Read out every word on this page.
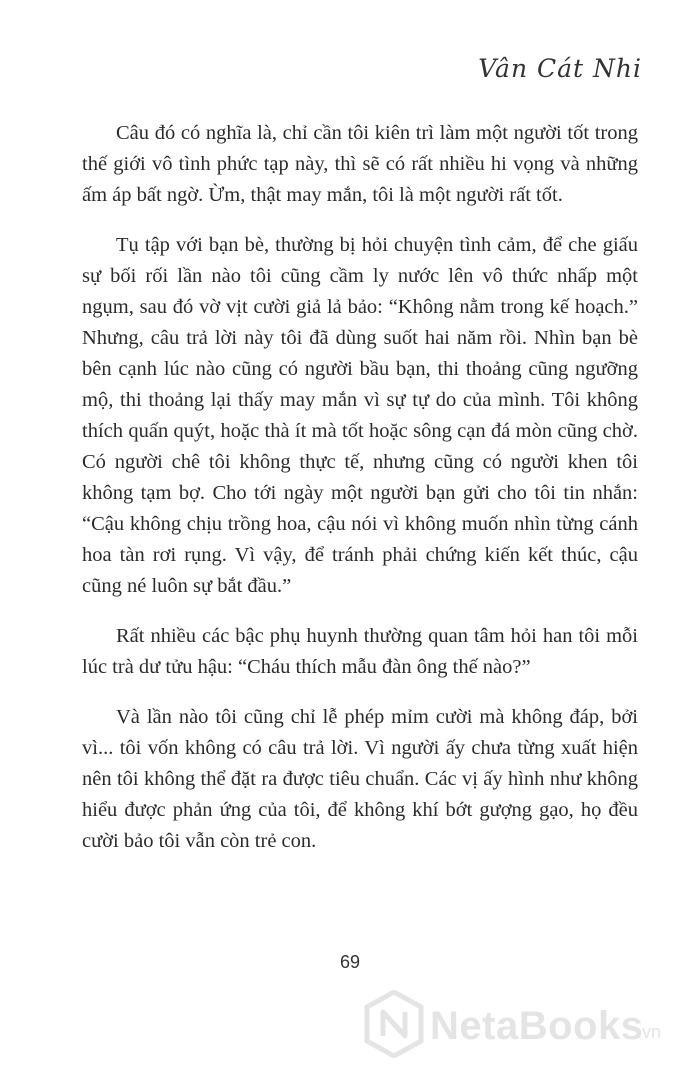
Vân Cát Nhi

Câu đó có nghĩa là, chỉ cần tôi kiên trì làm một người tốt trong thế giới vô tình phức tạp này, thì sẽ có rất nhiều hi vọng và những ấm áp bất ngờ. Ừm, thật may mắn, tôi là một người rất tốt.

Tụ tập với bạn bè, thường bị hỏi chuyện tình cảm, để che giấu sự bối rối lần nào tôi cũng cầm ly nước lên vô thức nhấp một ngụm, sau đó vờ vịt cười giả lả bảo: “Không nằm trong kế hoạch.” Nhưng, câu trả lời này tôi đã dùng suốt hai năm rồi. Nhìn bạn bè bên cạnh lúc nào cũng có người bầu bạn, thi thoảng cũng ngưỡng mộ, thi thoảng lại thấy may mắn vì sự tự do của mình. Tôi không thích quấn quýt, hoặc thà ít mà tốt hoặc sông cạn đá mòn cũng chờ. Có người chê tôi không thực tế, nhưng cũng có người khen tôi không tạm bợ. Cho tới ngày một người bạn gửi cho tôi tin nhắn: “Cậu không chịu trồng hoa, cậu nói vì không muốn nhìn từng cánh hoa tàn rơi rụng. Vì vậy, để tránh phải chứng kiến kết thúc, cậu cũng né luôn sự bắt đầu.”

Rất nhiều các bậc phụ huynh thường quan tâm hỏi han tôi mỗi lúc trà dư tửu hậu: “Cháu thích mẫu đàn ông thế nào?”

Và lần nào tôi cũng chỉ lễ phép mỉm cười mà không đáp, bởi vì... tôi vốn không có câu trả lời. Vì người ấy chưa từng xuất hiện nên tôi không thể đặt ra được tiêu chuẩn. Các vị ấy hình như không hiểu được phản ứng của tôi, để không khí bớt gượng gạo, họ đều cười bảo tôi vẫn còn trẻ con.

69
NetaBooks
.vn
